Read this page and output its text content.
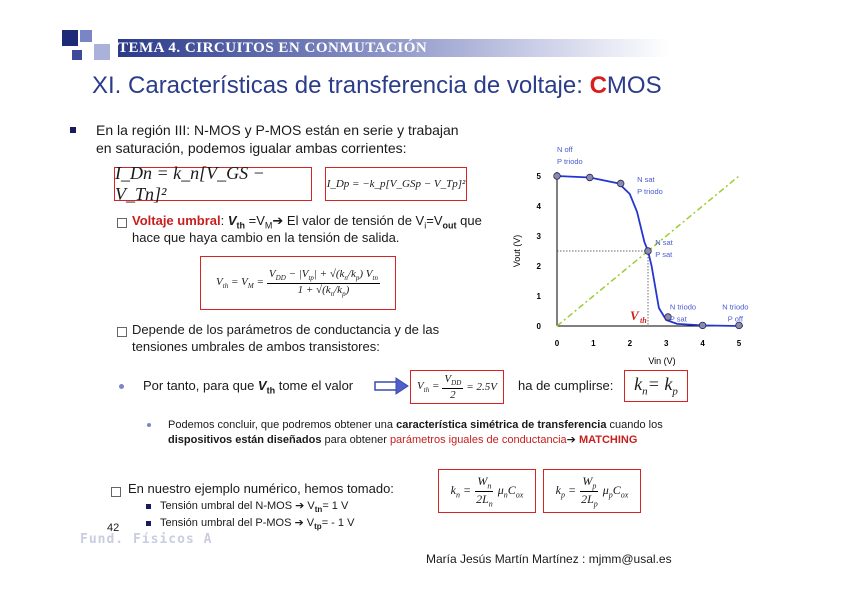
TEMA 4. CIRCUITOS EN CONMUTACIÓN
XI. Características de transferencia de voltaje: CMOS
En la región III: N-MOS y P-MOS están en serie y trabajan
en saturación, podemos igualar ambas corrientes:
I_Dn = k_n[V_GS − V_Tn]²	I_Dp = −k_p[V_GSp − V_Tp]²
Voltaje umbral: $V_{th}$ $=V_M➔$ El valor de tensión de $V_i=V_{out}$ que
hace que haya cambio en la tensión de salida.
$V_{th} = V_M = \frac{V_{DD} - |V_{tp}| + √(k_n/k_p) V_{tn}}{1 + √(k_n/k_p)}$
Depende de los parámetros de conductancia y de las
tensiones umbrales de ambos transistores:
Por tanto, para que $V_{th}$ tome el valor	$V_{th} = \frac{V_{DD}}{2} = 2.5V$ ha de cumplirse: $k_n= k_p$
Podemos concluir, que podremos obtener una característica simétrica de transferencia cuando los
dispositivos están diseñados para obtener parámetros iguales de conductancia➔ MATCHING
En nuestro ejemplo numérico, hemos tomado:
Tensión umbral del N-MOS ➔ $V_{tn}= 1$ V
Tensión umbral del P-MOS ➔ $V_{tp}= - 1$ V
$k_n = \frac{W_n}{2L_n} \mu_nC_{ox}$	$k_p = \frac{W_p}{2L_p} \mu_pC_{ox}$
42
Fund. Físicos A
María Jesús Martín Martínez : mjmm@usal.es
0	1	2	3	4	5
0
1
2
3
4
5
Vin (V)
Vout (V)
N off
P triodo
N sat
P triodo
N sat
P sat
N triodo
P sat
N triodo
P off
V th
